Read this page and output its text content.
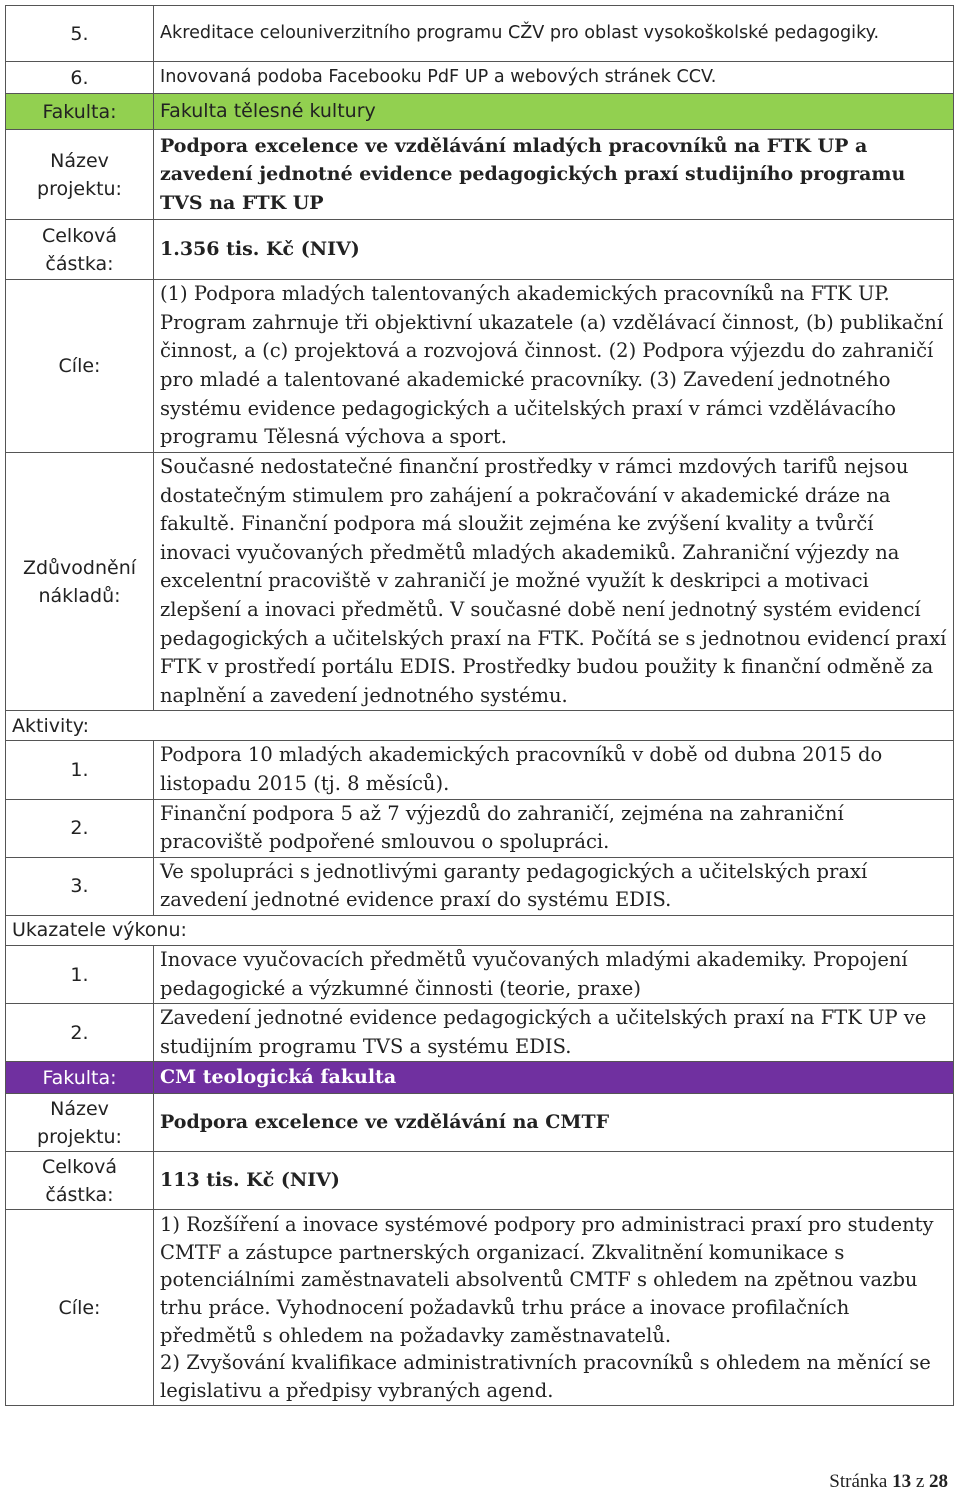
5.	Akreditace celouniverzitního programu CŽV pro oblast vysokoškolské pedagogiky.
6.	Inovovaná podoba Facebooku PdF UP a webových stránek CCV.
Fakulta:	Fakulta tělesné kultury
Název projektu:	Podpora excelence ve vzdělávání mladých pracovníků na FTK UP a zavedení jednotné evidence pedagogických praxí studijního programu TVS na FTK UP
Celková částka:	1.356 tis. Kč (NIV)
Cíle:	(1) Podpora mladých talentovaných akademických pracovníků na FTK UP. Program zahrnuje tři objektivní ukazatele (a) vzdělávací činnost, (b) publikační činnost, a (c) projektová a rozvojová činnost. (2) Podpora výjezdu do zahraničí pro mladé a talentované akademické pracovníky. (3) Zavedení jednotného systému evidence pedagogických a učitelských praxí v rámci vzdělávacího programu Tělesná výchova a sport.
Zdůvodnění nákladů:	Současné nedostatečné finanční prostředky v rámci mzdových tarifů nejsou dostatečným stimulem pro zahájení a pokračování v akademické dráze na fakultě. Finanční podpora má sloužit zejména ke zvýšení kvality a tvůrčí inovaci vyučovaných předmětů mladých akademiků. Zahraniční výjezdy na excelentní pracoviště v zahraničí je možné využít k deskripci a motivaci zlepšení a inovaci předmětů. V současné době není jednotný systém evidencí pedagogických a učitelských praxí na FTK. Počítá se s jednotnou evidencí praxí FTK v prostředí portálu EDIS. Prostředky budou použity k finanční odměně za naplnění a zavedení jednotného systému.
Aktivity:	
1.	Podpora 10 mladých akademických pracovníků v době od dubna 2015 do listopadu 2015 (tj. 8 měsíců).
2.	Finanční podpora 5 až 7 výjezdů do zahraničí, zejména na zahraniční pracoviště podpořené smlouvou o spolupráci.
3.	Ve spolupráci s jednotlivými garanty pedagogických a učitelských praxí zavedení jednotné evidence praxí do systému EDIS.
Ukazatele výkonu:	
1.	Inovace vyučovacích předmětů vyučovaných mladými akademiky. Propojení pedagogické a výzkumné činnosti (teorie, praxe)
2.	Zavedení jednotné evidence pedagogických a učitelských praxí na FTK UP ve studijním programu TVS a systému EDIS.
Fakulta:	CM teologická fakulta
Název projektu:	Podpora excelence ve vzdělávání na CMTF
Celková částka:	113 tis. Kč (NIV)
Cíle:	1) Rozšíření a inovace systémové podpory pro administraci praxí pro studenty CMTF a zástupce partnerských organizací. Zkvalitnění komunikace s potenciálními zaměstnavateli absolventů CMTF s ohledem na zpětnou vazbu trhu práce. Vyhodnocení požadavků trhu práce a inovace profilačních předmětů s ohledem na požadavky zaměstnavatelů.
2) Zvyšování kvalifikace administrativních pracovníků s ohledem na měnící se legislativu a předpisy vybraných agend.
Stránka 13 z 28
